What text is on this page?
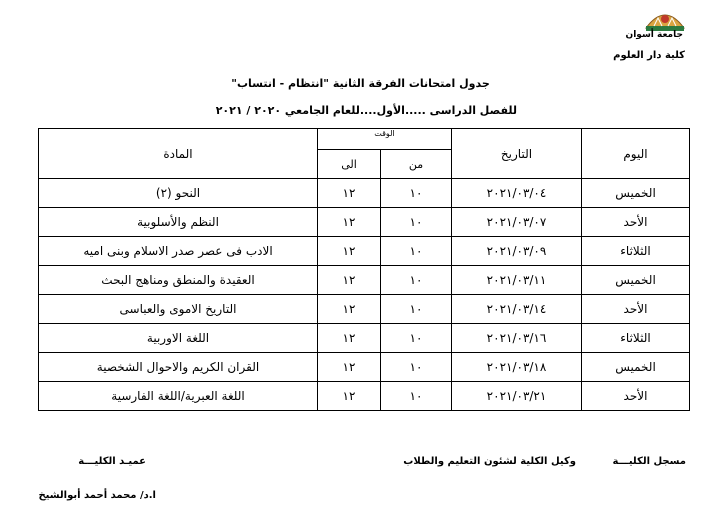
جامعة أسوان
كلية دار العلوم
جدول امتحانات الفرقة الثانية "انتظام - انتساب"
للفصل الدراسى .....الأول....للعام الجامعي ٢٠٢٠ / ٢٠٢١
اليوم	التاريخ	الوقت		المادة
		من	الى	
الخميس	٢٠٢١/٠٣/٠٤	١٠	١٢	النحو (٢)
الأحد	٢٠٢١/٠٣/٠٧	١٠	١٢	النظم والأسلوبية
الثلاثاء	٢٠٢١/٠٣/٠٩	١٠	١٢	الادب فى عصر صدر الاسلام وبنى اميه
الخميس	٢٠٢١/٠٣/١١	١٠	١٢	العقيدة والمنطق ومناهج البحث
الأحد	٢٠٢١/٠٣/١٤	١٠	١٢	التاريخ الاموى والعباسى
الثلاثاء	٢٠٢١/٠٣/١٦	١٠	١٢	اللغة الاوربية
الخميس	٢٠٢١/٠٣/١٨	١٠	١٢	القران الكريم والاحوال الشخصية
الأحد	٢٠٢١/٠٣/٢١	١٠	١٢	اللغة العبرية/اللغة الفارسية
مسجل الكليـــة
وكيل الكلية لشئون التعليم والطلاب
عميـد الكليـــة
ا.د/ محمد أحمد أبوالشيخ
